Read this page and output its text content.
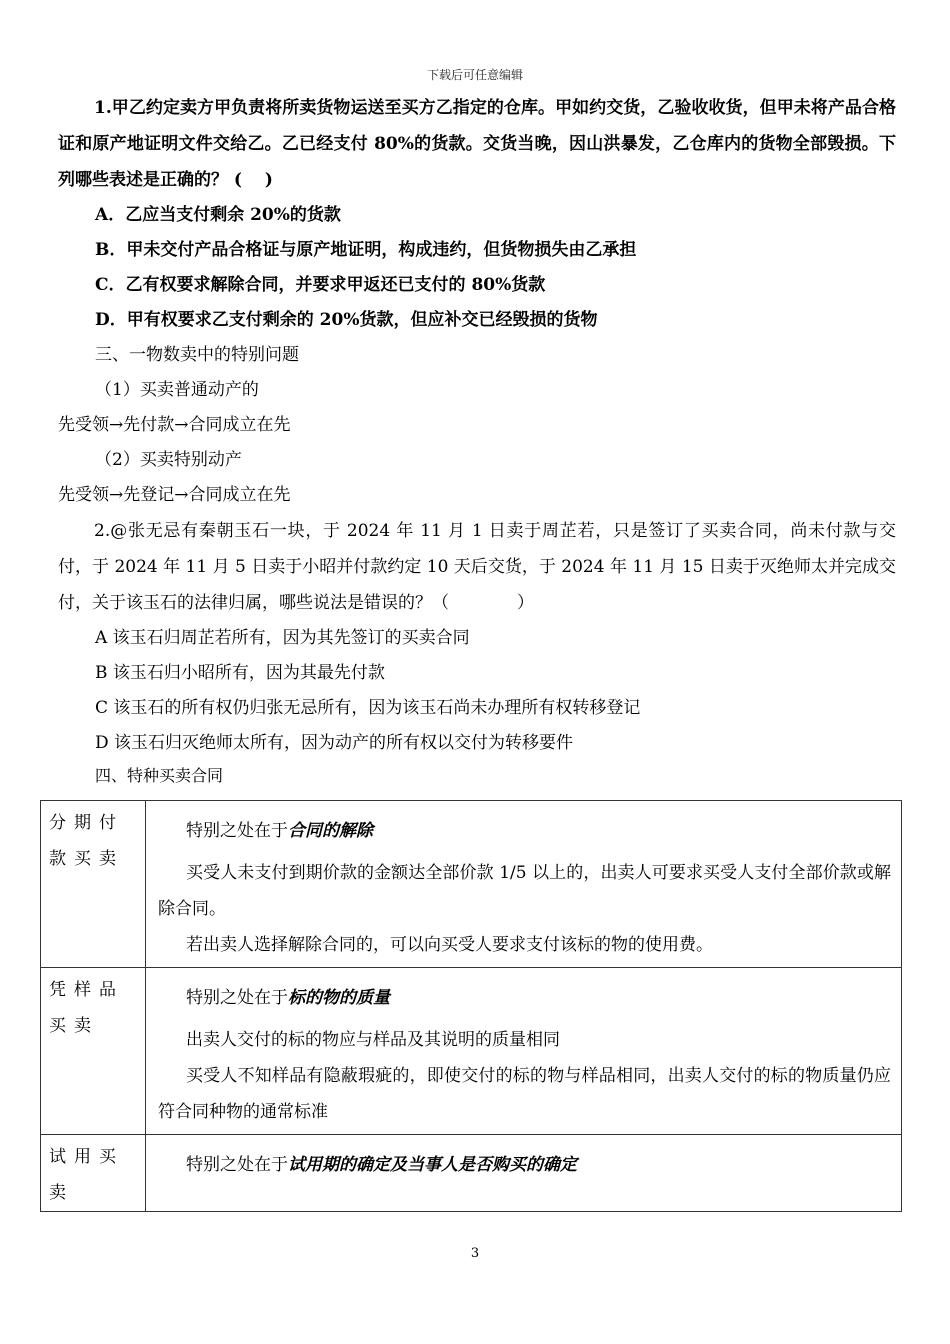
下载后可任意编辑

1.甲乙约定卖方甲负责将所卖货物运送至买方乙指定的仓库。甲如约交货，乙验收收货，但甲未将产品合格证和原产地证明文件交给乙。乙已经支付 80%的货款。交货当晚，因山洪暴发，乙仓库内的货物全部毁损。下列哪些表述是正确的？ (　 )

A．乙应当支付剩余 20%的货款

B．甲未交付产品合格证与原产地证明，构成违约，但货物损失由乙承担

C．乙有权要求解除合同，并要求甲返还已支付的 80%货款

D．甲有权要求乙支付剩余的 20%货款，但应补交已经毁损的货物

三、一物数卖中的特别问题

（1）买卖普通动产的

先受领→先付款→合同成立在先

（2）买卖特别动产

先受领→先登记→合同成立在先

2.@张无忌有秦朝玉石一块，于 2024 年 11 月 1 日卖于周芷若，只是签订了买卖合同，尚未付款与交付，于 2024 年 11 月 5 日卖于小昭并付款约定 10 天后交货，于 2024 年 11 月 15 日卖于灭绝师太并完成交付，关于该玉石的法律归属，哪些说法是错误的？（　　　　）

A 该玉石归周芷若所有，因为其先签订的买卖合同

B 该玉石归小昭所有，因为其最先付款

C 该玉石的所有权仍归张无忌所有，因为该玉石尚未办理所有权转移登记

D 该玉石归灭绝师太所有，因为动产的所有权以交付为转移要件

四、特种买卖合同

分期付款买卖	特别之处在于合同的解除

买受人未支付到期价款的金额达全部价款 1/5 以上的，出卖人可要求买受人支付全部价款或解除合同。

若出卖人选择解除合同的，可以向买受人要求支付该标的物的使用费。

凭样品买卖	特别之处在于标的物的质量

出卖人交付的标的物应与样品及其说明的质量相同

买受人不知样品有隐蔽瑕疵的，即使交付的标的物与样品相同，出卖人交付的标的物质量仍应符合同种物的通常标准

试用买卖	特别之处在于试用期的确定及当事人是否购买的确定

3
